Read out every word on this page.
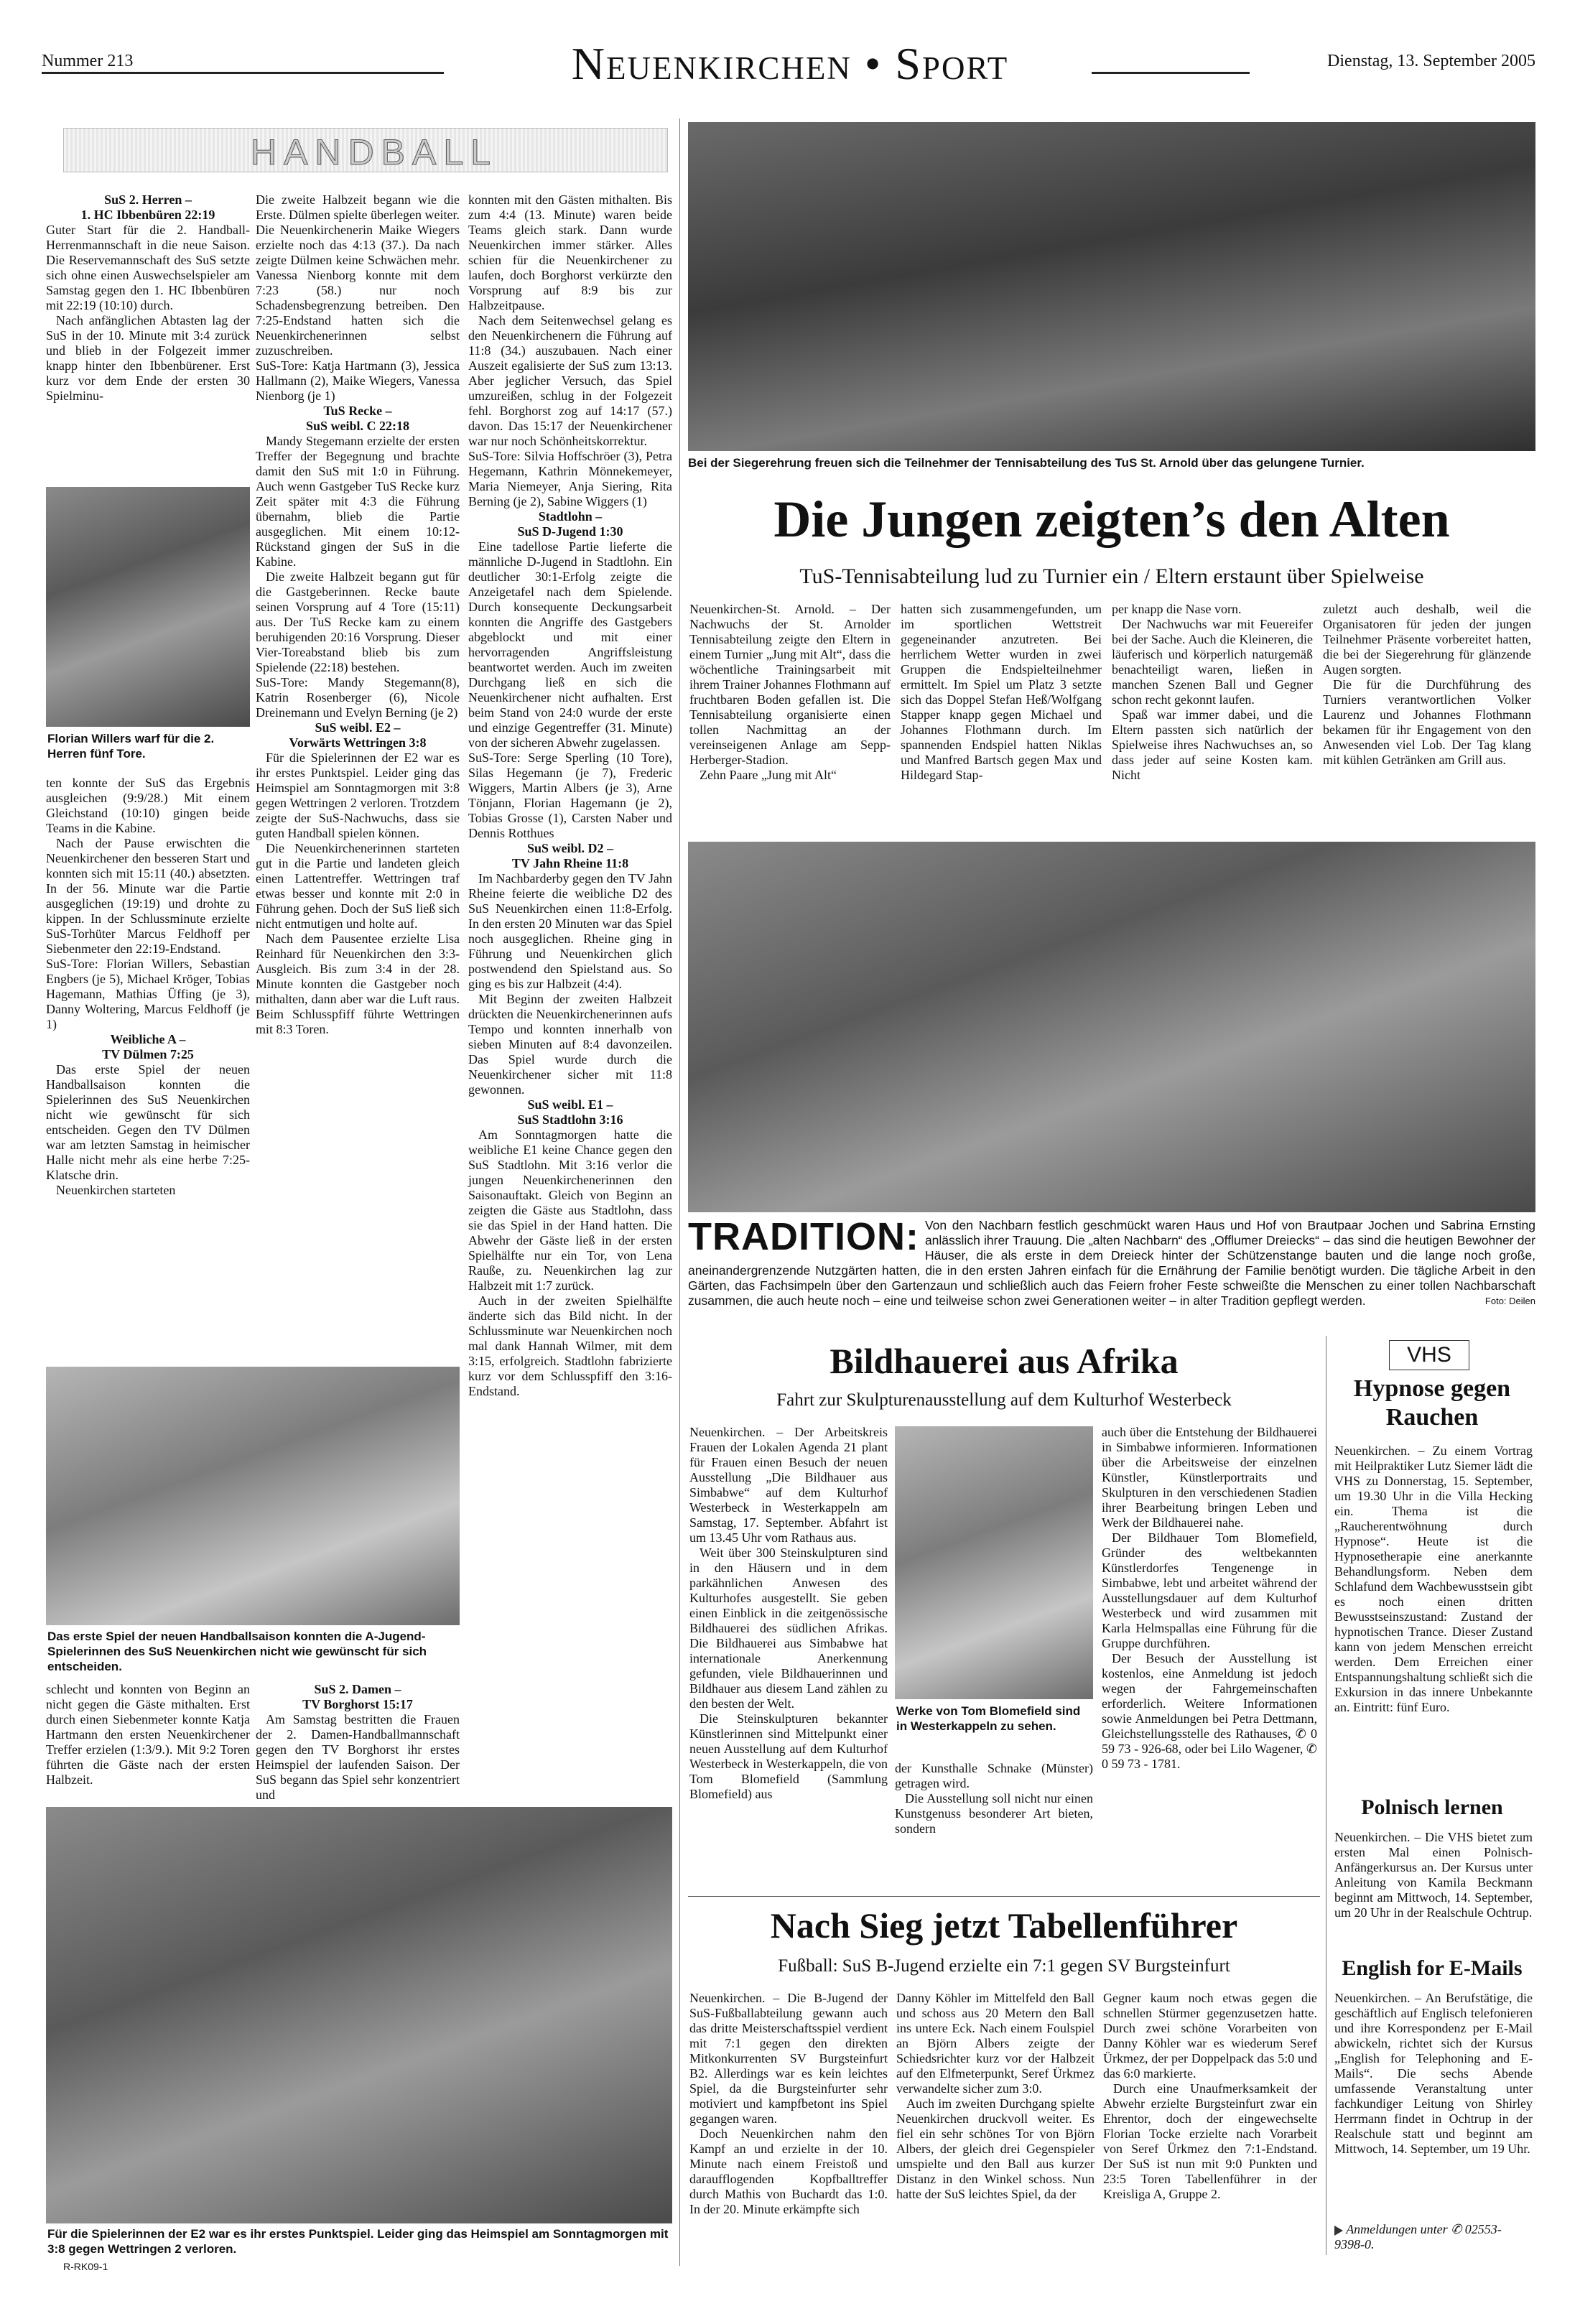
Nummer 213	Neuenkirchen • Sport	Dienstag, 13. September 2005
HANDBALL
SuS 2. Herren –
1. HC Ibbenbüren 22:19

Guter Start für die 2. Handball-Herrenmannschaft in die neue Saison. Die Reservemannschaft des SuS setzte sich ohne einen Auswechselspieler am Samstag gegen den 1. HC Ibbenbüren mit 22:19 (10:10) durch.

Nach anfänglichen Abtasten lag der SuS in der 10. Minute mit 3:4 zurück und blieb in der Folgezeit immer knapp hinter den Ibbenbürener. Erst kurz vor dem Ende der ersten 30 Spielminu-

Florian Willers warf für die 2. Herren fünf Tore.

ten konnte der SuS das Ergebnis ausgleichen (9:9/28.) Mit einem Gleichstand (10:10) gingen beide Teams in die Kabine.

Nach der Pause erwischten die Neuenkirchener den besseren Start und konnten sich mit 15:11 (40.) absetzten. In der 56. Minute war die Partie ausgeglichen (19:19) und drohte zu kippen. In der Schlussminute erzielte SuS-Torhüter Marcus Feldhoff per Siebenmeter den 22:19-Endstand.

SuS-Tore: Florian Willers, Sebastian Engbers (je 5), Michael Kröger, Tobias Hagemann, Mathias Üffing (je 3), Danny Woltering, Marcus Feldhoff (je 1)

Weibliche A –
TV Dülmen 7:25

Das erste Spiel der neuen Handballsaison konnten die Spielerinnen des SuS Neuenkirchen nicht wie gewünscht für sich entscheiden. Gegen den TV Dülmen war am letzten Samstag in heimischer Halle nicht mehr als eine herbe 7:25-Klatsche drin.

Neuenkirchen starteten

Die zweite Halbzeit begann wie die Erste. Dülmen spielte überlegen weiter. Die Neuenkirchenerin Maike Wiegers erzielte noch das 4:13 (37.). Da nach zeigte Dülmen keine Schwächen mehr. Vanessa Nienborg konnte mit dem 7:23 (58.) nur noch Schadensbegrenzung betreiben. Den 7:25-Endstand hatten sich die Neuenkirchenerinnen selbst zuzuschreiben.

SuS-Tore: Katja Hartmann (3), Jessica Hallmann (2), Maike Wiegers, Vanessa Nienborg (je 1)

TuS Recke –
SuS weibl. C 22:18

Mandy Stegemann erzielte der ersten Treffer der Begegnung und brachte damit den SuS mit 1:0 in Führung. Auch wenn Gastgeber TuS Recke kurz Zeit später mit 4:3 die Führung übernahm, blieb die Partie ausgeglichen. Mit einem 10:12-Rückstand gingen der SuS in die Kabine.

Die zweite Halbzeit begann gut für die Gastgeberinnen. Recke baute seinen Vorsprung auf 4 Tore (15:11) aus. Der TuS Recke kam zu einem beruhigenden 20:16 Vorsprung. Dieser Vier-Toreabstand blieb bis zum Spielende (22:18) bestehen.

SuS-Tore: Mandy Stegemann(8), Katrin Rosenberger (6), Nicole Dreinemann und Evelyn Berning (je 2)

SuS weibl. E2 –
Vorwärts Wettringen 3:8

Für die Spielerinnen der E2 war es ihr erstes Punktspiel. Leider ging das Heimspiel am Sonntagmorgen mit 3:8 gegen Wettringen 2 verloren. Trotzdem zeigte der SuS-Nachwuchs, dass sie guten Handball spielen können.

Die Neuenkirchenerinnen starteten gut in die Partie und landeten gleich einen Lattentreffer. Wettringen traf etwas besser und konnte mit 2:0 in Führung gehen. Doch der SuS ließ sich nicht entmutigen und holte auf.

Nach dem Pausentee erzielte Lisa Reinhard für Neuenkirchen den 3:3-Ausgleich. Bis zum 3:4 in der 28. Minute konnten die Gastgeber noch mithalten, dann aber war die Luft raus. Beim Schlusspfiff führte Wettringen mit 8:3 Toren.

konnten mit den Gästen mithalten. Bis zum 4:4 (13. Minute) waren beide Teams gleich stark. Dann wurde Neuenkirchen immer stärker. Alles schien für die Neuenkirchener zu laufen, doch Borghorst verkürzte den Vorsprung auf 8:9 bis zur Halbzeitpause.

Nach dem Seitenwechsel gelang es den Neuenkirchenern die Führung auf 11:8 (34.) auszubauen. Nach einer Auszeit egalisierte der SuS zum 13:13. Aber jeglicher Versuch, das Spiel umzureißen, schlug in der Folgezeit fehl. Borghorst zog auf 14:17 (57.) davon. Das 15:17 der Neuenkirchener war nur noch Schönheitskorrektur.

SuS-Tore: Silvia Hoffschröer (3), Petra Hegemann, Kathrin Mönnekemeyer, Maria Niemeyer, Anja Siering, Rita Berning (je 2), Sabine Wiggers (1)

Stadtlohn –
SuS D-Jugend 1:30

Eine tadellose Partie lieferte die männliche D-Jugend in Stadtlohn. Ein deutlicher 30:1-Erfolg zeigte die Anzeigetafel nach dem Spielende. Durch konsequente Deckungsarbeit konnten die Angriffe des Gastgebers abgeblockt und mit einer hervorragenden Angriffsleistung beantwortet werden. Auch im zweiten Durchgang ließ en sich die Neuenkirchener nicht aufhalten. Erst beim Stand von 24:0 wurde der erste und einzige Gegentreffer (31. Minute) von der sicheren Abwehr zugelassen.

SuS-Tore: Serge Sperling (10 Tore), Silas Hegemann (je 7), Frederic Wiggers, Martin Albers (je 3), Arne Tönjann, Florian Hagemann (je 2), Tobias Grosse (1), Carsten Naber und Dennis Rotthues

SuS weibl. D2 –
TV Jahn Rheine 11:8

Im Nachbarderby gegen den TV Jahn Rheine feierte die weibliche D2 des SuS Neuenkirchen einen 11:8-Erfolg. In den ersten 20 Minuten war das Spiel noch ausgeglichen. Rheine ging in Führung und Neuenkirchen glich postwendend den Spielstand aus. So ging es bis zur Halbzeit (4:4).

Mit Beginn der zweiten Halbzeit drückten die Neuenkirchenerinnen aufs Tempo und konnten innerhalb von sieben Minuten auf 8:4 davonzeilen. Das Spiel wurde durch die Neuenkirchener sicher mit 11:8 gewonnen.

SuS weibl. E1 –
SuS Stadtlohn 3:16

Am Sonntagmorgen hatte die weibliche E1 keine Chance gegen den SuS Stadtlohn. Mit 3:16 verlor die jungen Neuenkirchenerinnen den Saisonauftakt. Gleich von Beginn an zeigten die Gäste aus Stadtlohn, dass sie das Spiel in der Hand hatten. Die Abwehr der Gäste ließ in der ersten Spielhälfte nur ein Tor, von Lena Rauße, zu. Neuenkirchen lag zur Halbzeit mit 1:7 zurück.

Auch in der zweiten Spielhälfte änderte sich das Bild nicht. In der Schlussminute war Neuenkirchen noch mal dank Hannah Wilmer, mit dem 3:15, erfolgreich. Stadtlohn fabrizierte kurz vor dem Schlusspfiff den 3:16-Endstand.

Das erste Spiel der neuen Handballsaison konnten die A-Jugend-Spielerinnen des SuS Neuenkirchen nicht wie gewünscht für sich entscheiden.

schlecht und konnten von Beginn an nicht gegen die Gäste mithalten. Erst durch einen Siebenmeter konnte Katja Hartmann den ersten Neuenkirchener Treffer erzielen (1:3/9.). Mit 9:2 Toren führten die Gäste nach der ersten Halbzeit.

SuS 2. Damen –
TV Borghorst 15:17

Am Samstag bestritten die Frauen der 2. Damen-Handballmannschaft gegen den TV Borghorst ihr erstes Heimspiel der laufenden Saison. Der SuS begann das Spiel sehr konzentriert und

Für die Spielerinnen der E2 war es ihr erstes Punktspiel. Leider ging das Heimspiel am Sonntagmorgen mit 3:8 gegen Wettringen 2 verloren.
R-RK09-1
Bei der Siegerehrung freuen sich die Teilnehmer der Tennisabteilung des TuS St. Arnold über das gelungene Turnier.
Die Jungen zeigten’s den Alten
TuS-Tennisabteilung lud zu Turnier ein / Eltern erstaunt über Spielweise

Neuenkirchen-St. Arnold. – Der Nachwuchs der St. Arnolder Tennisabteilung zeigte den Eltern in einem Turnier „Jung mit Alt“, dass die wöchentliche Trainingsarbeit mit ihrem Trainer Johannes Flothmann auf fruchtbaren Boden gefallen ist. Die Tennisabteilung organisierte einen tollen Nachmittag an der vereinseigenen Anlage am Sepp-Herberger-Stadion.

Zehn Paare „Jung mit Alt“

hatten sich zusammengefunden, um im sportlichen Wettstreit gegeneinander anzutreten. Bei herrlichem Wetter wurden in zwei Gruppen die Endspielteilnehmer ermittelt. Im Spiel um Platz 3 setzte sich das Doppel Stefan Heß/Wolfgang Stapper knapp gegen Michael und Johannes Flothmann durch. Im spannenden Endspiel hatten Niklas und Manfred Bartsch gegen Max und Hildegard Stap-

per knapp die Nase vorn.

Der Nachwuchs war mit Feuereifer bei der Sache. Auch die Kleineren, die läuferisch und körperlich naturgemäß benachteiligt waren, ließen in manchen Szenen Ball und Gegner schon recht gekonnt laufen.

Spaß war immer dabei, und die Eltern passten sich natürlich der Spielweise ihres Nachwuchses an, so dass jeder auf seine Kosten kam. Nicht

zuletzt auch deshalb, weil die Organisatoren für jeden der jungen Teilnehmer Präsente vorbereitet hatten, die bei der Siegerehrung für glänzende Augen sorgten.

Die für die Durchführung des Turniers verantwortlichen Volker Laurenz und Johannes Flothmann bekamen für ihr Engagement von den Anwesenden viel Lob. Der Tag klang mit kühlen Getränken am Grill aus.

TRADITION: Von den Nachbarn festlich geschmückt waren Haus und Hof von Brautpaar Jochen und Sabrina Ernsting anlässlich ihrer Trauung. Die „alten Nachbarn“ des „Offlumer Dreiecks“ – das sind die heutigen Bewohner der Häuser, die als erste in dem Dreieck hinter der Schützenstange bauten und die lange noch große, aneinandergrenzende Nutzgärten hatten, die in den ersten Jahren einfach für die Ernährung der Familie benötigt wurden. Die tägliche Arbeit in den Gärten, das Fachsimpeln über den Gartenzaun und schließlich auch das Feiern froher Feste schweißte die Menschen zu einer tollen Nachbarschaft zusammen, die auch heute noch – eine und teilweise schon zwei Generationen weiter – in alter Tradition gepflegt werden.	Foto: Deilen
Bildhauerei aus Afrika
Fahrt zur Skulpturenausstellung auf dem Kulturhof Westerbeck

Neuenkirchen. – Der Arbeitskreis Frauen der Lokalen Agenda 21 plant für Frauen einen Besuch der neuen Ausstellung „Die Bildhauer aus Simbabwe“ auf dem Kulturhof Westerbeck in Westerkappeln am Samstag, 17. September. Abfahrt ist um 13.45 Uhr vom Rathaus aus.

Weit über 300 Steinskulpturen sind in den Häusern und in dem parkähnlichen Anwesen des Kulturhofes ausgestellt. Sie geben einen Einblick in die zeitgenössische Bildhauerei des südlichen Afrikas. Die Bildhauerei aus Simbabwe hat internationale Anerkennung gefunden, viele Bildhauerinnen und Bildhauer aus diesem Land zählen zu den besten der Welt.

Die Steinskulpturen bekannter Künstlerinnen sind Mittelpunkt einer neuen Ausstellung auf dem Kulturhof Westerbeck in Westerkappeln, die von Tom Blomefield (Sammlung Blomefield) aus

Werke von Tom Blomefield sind in Westerkappeln zu sehen.

der Kunsthalle Schnake (Münster) getragen wird.

Die Ausstellung soll nicht nur einen Kunstgenuss besonderer Art bieten, sondern

auch über die Entstehung der Bildhauerei in Simbabwe informieren. Informationen über die Arbeitsweise der einzelnen Künstler, Künstlerportraits und Skulpturen in den verschiedenen Stadien ihrer Bearbeitung bringen Leben und Werk der Bildhauerei nahe.

Der Bildhauer Tom Blomefield, Gründer des weltbekannten Künstlerdorfes Tengenenge in Simbabwe, lebt und arbeitet während der Ausstellungsdauer auf dem Kulturhof Westerbeck und wird zusammen mit Karla Helmspallas eine Führung für die Gruppe durchführen.

Der Besuch der Ausstellung ist kostenlos, eine Anmeldung ist jedoch wegen der Fahrgemeinschaften erforderlich. Weitere Informationen sowie Anmeldungen bei Petra Dettmann, Gleichstellungsstelle des Rathauses, ✆ 0 59 73 - 926-68, oder bei Lilo Wagener, ✆ 0 59 73 - 1781.

VHS
Hypnose gegen Rauchen

Neuenkirchen. – Zu einem Vortrag mit Heilpraktiker Lutz Siemer lädt die VHS zu Donnerstag, 15. September, um 19.30 Uhr in die Villa Hecking ein. Thema ist die „Raucherentwöhnung durch Hypnose“. Heute ist die Hypnosetherapie eine anerkannte Behandlungsform. Neben dem Schlafund dem Wachbewusstsein gibt es noch einen dritten Bewusstseinszustand: Zustand der hypnotischen Trance. Dieser Zustand kann von jedem Menschen erreicht werden. Dem Erreichen einer Entspannungshaltung schließt sich die Exkursion in das innere Unbekannte an. Eintritt: fünf Euro.

Polnisch lernen

Neuenkirchen. – Die VHS bietet zum ersten Mal einen Polnisch-Anfängerkursus an. Der Kursus unter Anleitung von Kamila Beckmann beginnt am Mittwoch, 14. September, um 20 Uhr in der Realschule Ochtrup.

English for E-Mails

Neuenkirchen. – An Berufstätige, die geschäftlich auf Englisch telefonieren und ihre Korrespondenz per E-Mail abwickeln, richtet sich der Kursus „English for Telephoning and E-Mails“. Die sechs Abende umfassende Veranstaltung unter fachkundiger Leitung von Shirley Herrmann findet in Ochtrup in der Realschule statt und beginnt am Mittwoch, 14. September, um 19 Uhr.

Anmeldungen unter ✆ 02553- 9398-0.
Nach Sieg jetzt Tabellenführer
Fußball: SuS B-Jugend erzielte ein 7:1 gegen SV Burgsteinfurt

Neuenkirchen. – Die B-Jugend der SuS-Fußballabteilung gewann auch das dritte Meisterschaftsspiel verdient mit 7:1 gegen den direkten Mitkonkurrenten SV Burgsteinfurt B2. Allerdings war es kein leichtes Spiel, da die Burgsteinfurter sehr motiviert und kampfbetont ins Spiel gegangen waren.

Doch Neuenkirchen nahm den Kampf an und erzielte in der 10. Minute nach einem Freistoß und daraufflogenden Kopfballtreffer durch Mathis von Buchardt das 1:0. In der 20. Minute erkämpfte sich

Danny Köhler im Mittelfeld den Ball und schoss aus 20 Metern den Ball ins untere Eck. Nach einem Foulspiel an Björn Albers zeigte der Schiedsrichter kurz vor der Halbzeit auf den Elfmeterpunkt, Seref Ürkmez verwandelte sicher zum 3:0.

Auch im zweiten Durchgang spielte Neuenkirchen druckvoll weiter. Es fiel ein sehr schönes Tor von Björn Albers, der gleich drei Gegenspieler umspielte und den Ball aus kurzer Distanz in den Winkel schoss. Nun hatte der SuS leichtes Spiel, da der

Gegner kaum noch etwas gegen die schnellen Stürmer gegenzusetzen hatte. Durch zwei schöne Vorarbeiten von Danny Köhler war es wiederum Seref Ürkmez, der per Doppelpack das 5:0 und das 6:0 markierte.

Durch eine Unaufmerksamkeit der Abwehr erzielte Burgsteinfurt zwar ein Ehrentor, doch der eingewechselte Florian Tocke erzielte nach Vorarbeit von Seref Ürkmez den 7:1-Endstand. Der SuS ist nun mit 9:0 Punkten und 23:5 Toren Tabellenführer in der Kreisliga A, Gruppe 2.
